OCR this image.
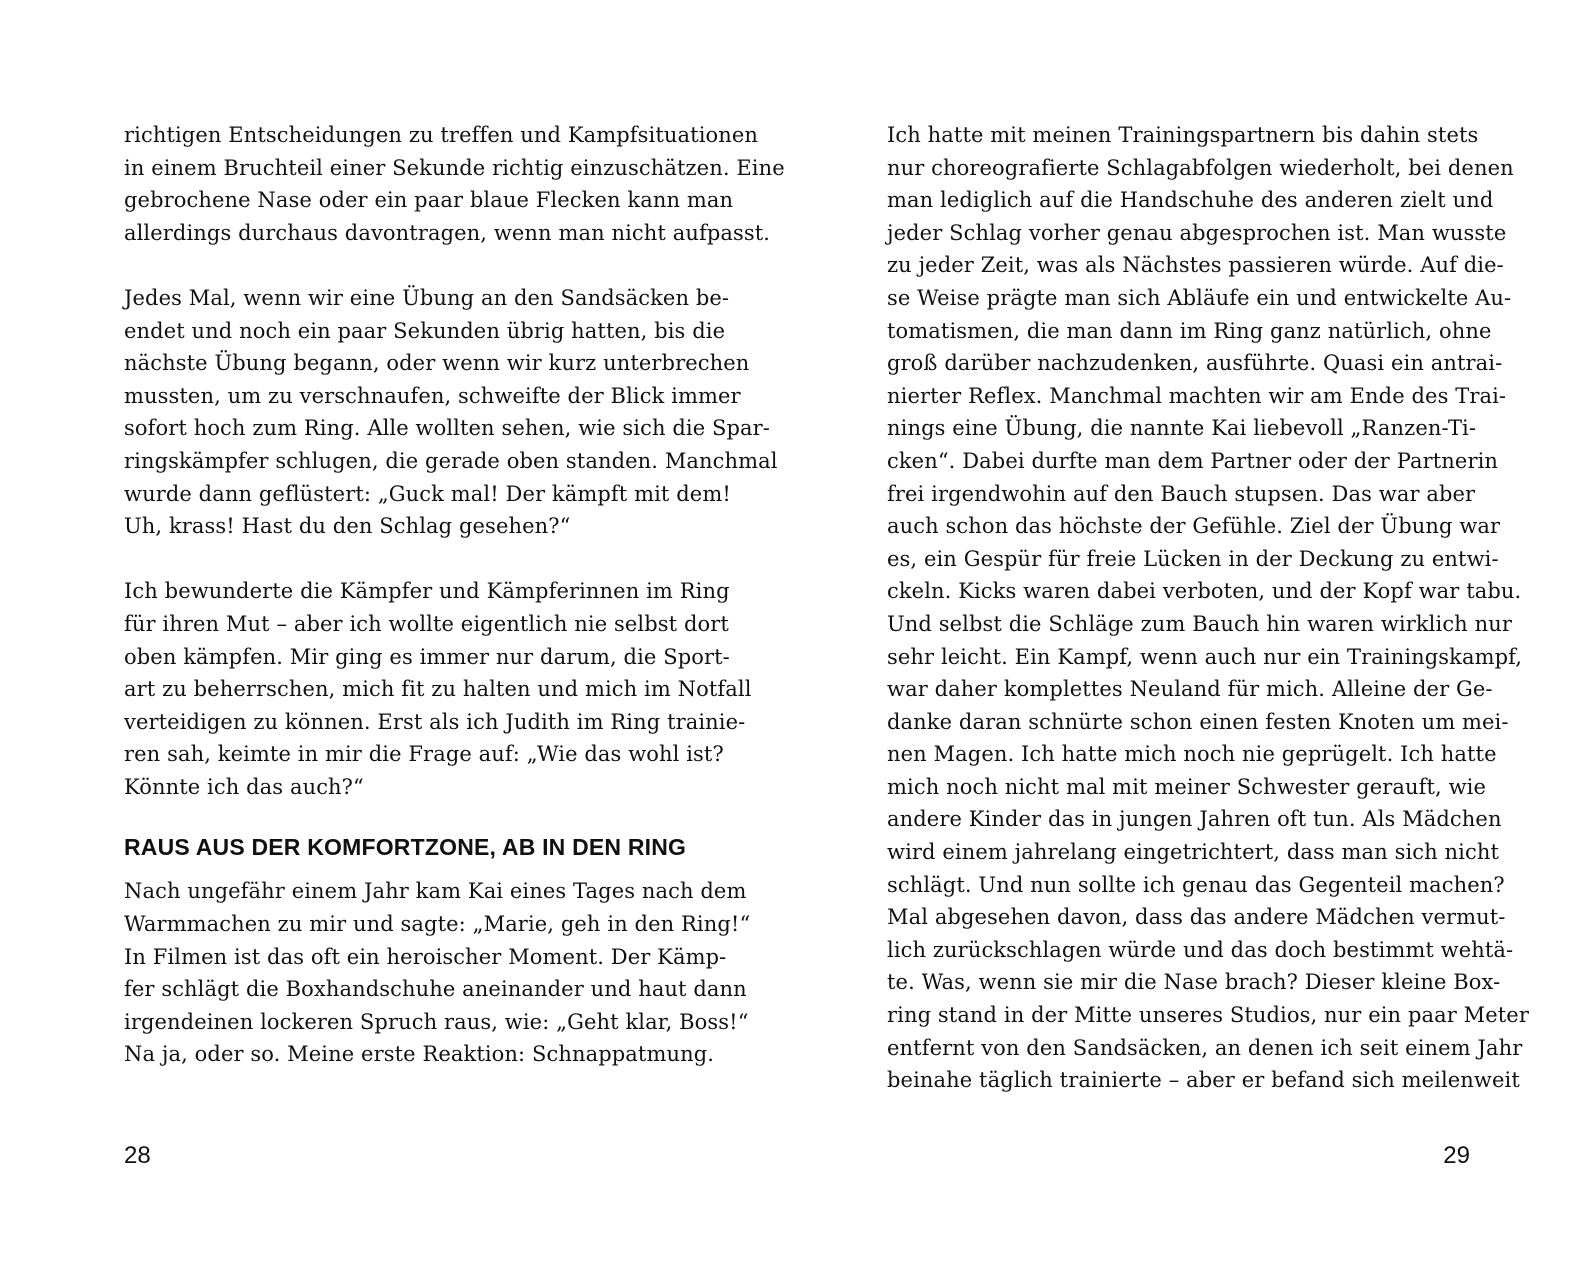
richtigen Entscheidungen zu treffen und Kampfsituationen
in einem Bruchteil einer Sekunde richtig einzuschätzen. Eine
gebrochene Nase oder ein paar blaue Flecken kann man
allerdings durchaus davontragen, wenn man nicht aufpasst.
Jedes Mal, wenn wir eine Übung an den Sandsäcken be-
endet und noch ein paar Sekunden übrig hatten, bis die
nächste Übung begann, oder wenn wir kurz unterbrechen
mussten, um zu verschnaufen, schweifte der Blick immer
sofort hoch zum Ring. Alle wollten sehen, wie sich die Spar-
ringskämpfer schlugen, die gerade oben standen. Manchmal
wurde dann geflüstert: „Guck mal! Der kämpft mit dem!
Uh, krass! Hast du den Schlag gesehen?“
Ich bewunderte die Kämpfer und Kämpferinnen im Ring
für ihren Mut – aber ich wollte eigentlich nie selbst dort
oben kämpfen. Mir ging es immer nur darum, die Sport-
art zu beherrschen, mich fit zu halten und mich im Notfall
verteidigen zu können. Erst als ich Judith im Ring trainie-
ren sah, keimte in mir die Frage auf: „Wie das wohl ist?
Könnte ich das auch?“
RAUS AUS DER KOMFORTZONE, AB IN DEN RING
Nach ungefähr einem Jahr kam Kai eines Tages nach dem
Warmmachen zu mir und sagte: „Marie, geh in den Ring!“
In Filmen ist das oft ein heroischer Moment. Der Kämp-
fer schlägt die Boxhandschuhe aneinander und haut dann
irgendeinen lockeren Spruch raus, wie: „Geht klar, Boss!“
Na ja, oder so. Meine erste Reaktion: Schnappatmung.
28
Ich hatte mit meinen Trainingspartnern bis dahin stets
nur choreografierte Schlagabfolgen wiederholt, bei denen
man lediglich auf die Handschuhe des anderen zielt und
jeder Schlag vorher genau abgesprochen ist. Man wusste
zu jeder Zeit, was als Nächstes passieren würde. Auf die-
se Weise prägte man sich Abläufe ein und entwickelte Au-
tomatismen, die man dann im Ring ganz natürlich, ohne
groß darüber nachzudenken, ausführte. Quasi ein antrai-
nierter Reflex. Manchmal machten wir am Ende des Trai-
nings eine Übung, die nannte Kai liebevoll „Ranzen-Ti-
cken“. Dabei durfte man dem Partner oder der Partnerin
frei irgendwohin auf den Bauch stupsen. Das war aber
auch schon das höchste der Gefühle. Ziel der Übung war
es, ein Gespür für freie Lücken in der Deckung zu entwi-
ckeln. Kicks waren dabei verboten, und der Kopf war tabu.
Und selbst die Schläge zum Bauch hin waren wirklich nur
sehr leicht. Ein Kampf, wenn auch nur ein Trainingskampf,
war daher komplettes Neuland für mich. Alleine der Ge-
danke daran schnürte schon einen festen Knoten um mei-
nen Magen. Ich hatte mich noch nie geprügelt. Ich hatte
mich noch nicht mal mit meiner Schwester gerauft, wie
andere Kinder das in jungen Jahren oft tun. Als Mädchen
wird einem jahrelang eingetrichtert, dass man sich nicht
schlägt. Und nun sollte ich genau das Gegenteil machen?
Mal abgesehen davon, dass das andere Mädchen vermut-
lich zurückschlagen würde und das doch bestimmt wehtä-
te. Was, wenn sie mir die Nase brach? Dieser kleine Box-
ring stand in der Mitte unseres Studios, nur ein paar Meter
entfernt von den Sandsäcken, an denen ich seit einem Jahr
beinahe täglich trainierte – aber er befand sich meilenweit
29
